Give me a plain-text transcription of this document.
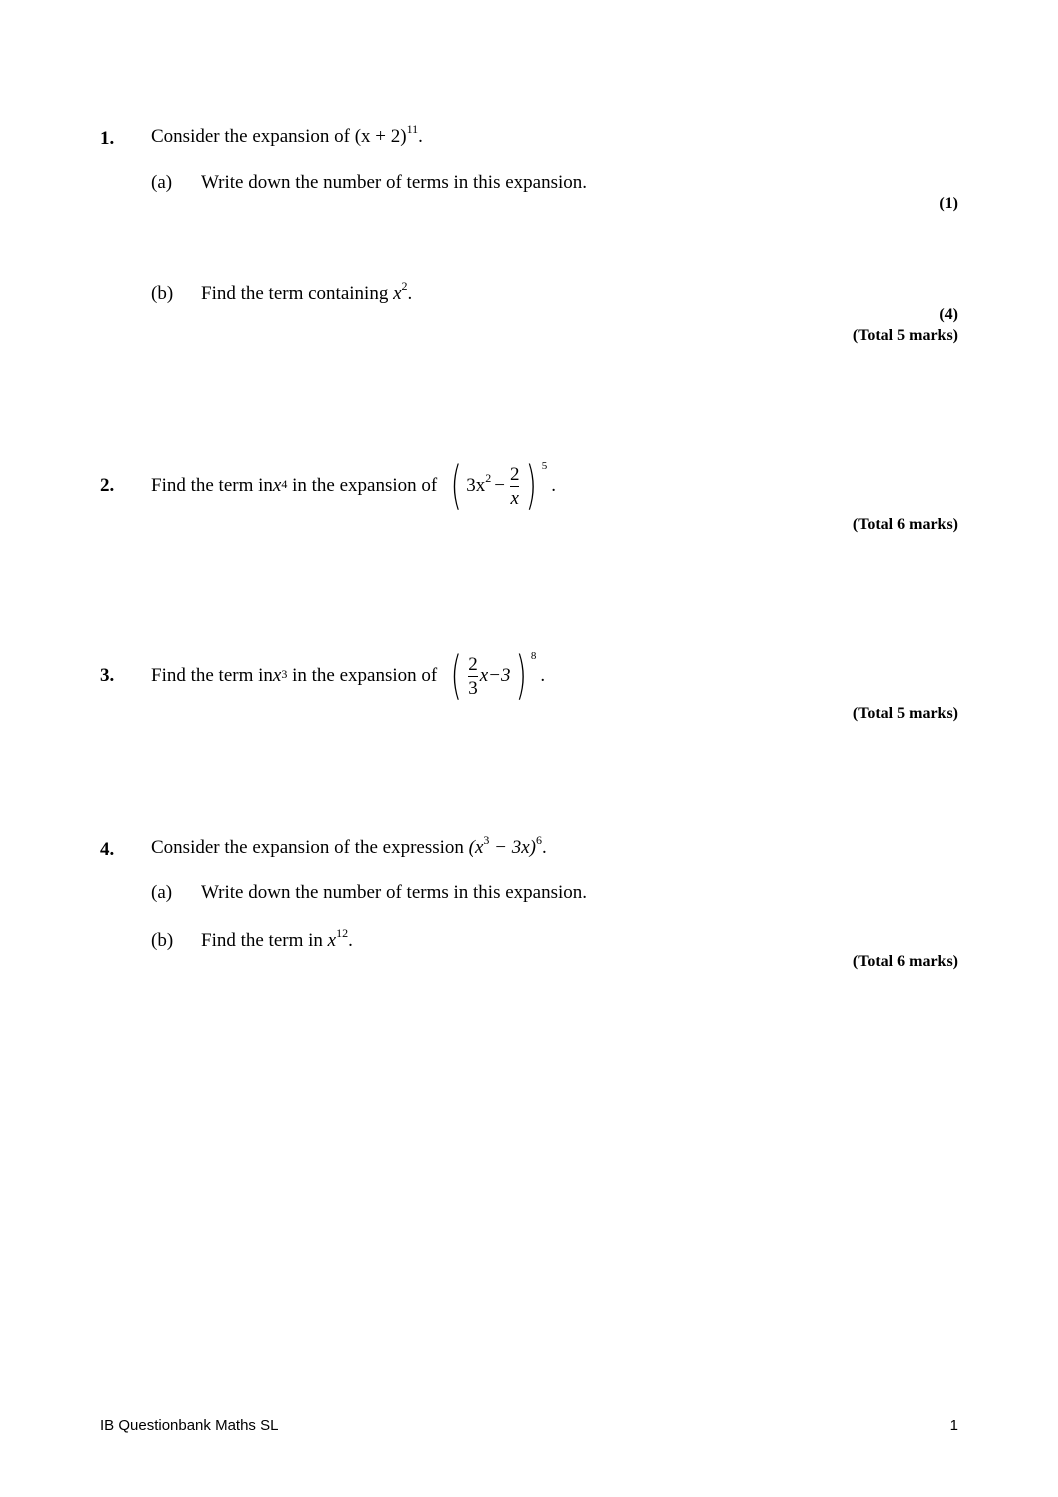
1. Consider the expansion of $(x + 2)^{11}$.
(a) Write down the number of terms in this expansion.
(1)
(b) Find the term containing $x^2$.
(4)
(Total 5 marks)
2. Find the term in $x^4$ in the expansion of ( $3x^2 - \frac{2}{x}$ ) $^5$
.
(Total 6 marks)
3. Find the term in $x^3$ in the expansion of ( $\frac{2}{3} x-3$ ) $^8$
.
(Total 5 marks)
4. Consider the expansion of the expression $(x^3 - 3x)^6$.
(a) Write down the number of terms in this expansion.
(b) Find the term in $x^{12}$.
(Total 6 marks)
IB Questionbank Maths SL	1
